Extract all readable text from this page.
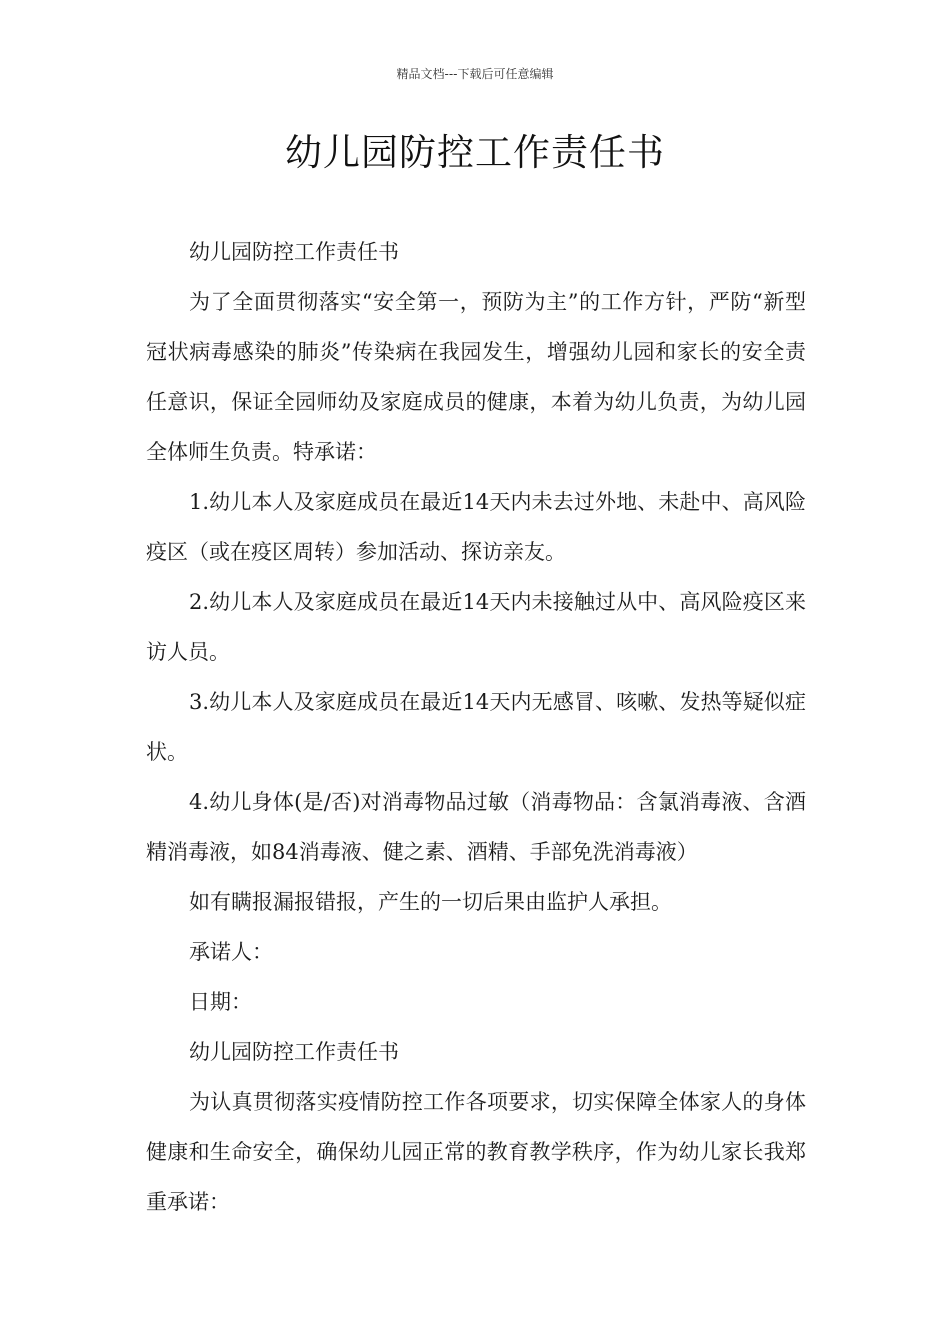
精品文档---下载后可任意编辑
幼儿园防控工作责任书

幼儿园防控工作责任书

为了全面贯彻落实“安全第一，预防为主”的工作方针，严防“新型冠状病毒感染的肺炎”传染病在我园发生，增强幼儿园和家长的安全责任意识，保证全园师幼及家庭成员的健康，本着为幼儿负责，为幼儿园全体师生负责。特承诺：

1.幼儿本人及家庭成员在最近14天内未去过外地、未赴中、高风险疫区（或在疫区周转）参加活动、探访亲友。

2.幼儿本人及家庭成员在最近14天内未接触过从中、高风险疫区来访人员。

3.幼儿本人及家庭成员在最近14天内无感冒、咳嗽、发热等疑似症状。

4.幼儿身体(是/否)对消毒物品过敏（消毒物品：含氯消毒液、含酒精消毒液，如84消毒液、健之素、酒精、手部免洗消毒液）

如有瞒报漏报错报，产生的一切后果由监护人承担。

承诺人：

日期：

幼儿园防控工作责任书

为认真贯彻落实疫情防控工作各项要求，切实保障全体家人的身体健康和生命安全，确保幼儿园正常的教育教学秩序，作为幼儿家长我郑重承诺：
